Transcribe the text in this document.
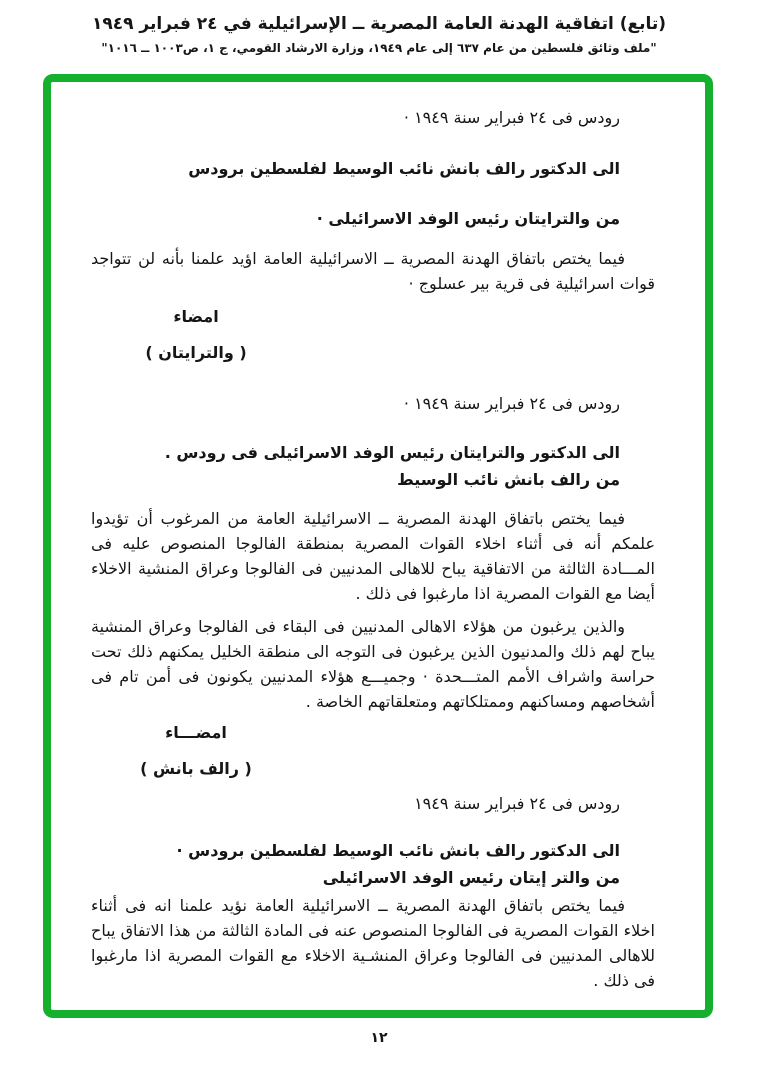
(تابع) اتفاقية الهدنة العامة المصرية ــ الإسرائيلية في ٢٤ فبراير ١٩٤٩
"ملف وثائق فلسطين من عام ٦٣٧ إلى عام ١٩٤٩، وزارة الارشاد القومي، ج ١، ص١٠٠٣ ــ ١٠١٦"

رودس فى ٢٤ فبراير سنة ١٩٤٩ ·

الى الدكتور رالف بانش نائب الوسيط لفلسطين برودس

من والترايتان رئيس الوفد الاسرائيلى ·

فيما يختص باتفاق الهدنة المصرية ــ الاسرائيلية العامة اؤيد علمنا بأنه لن تتواجد قوات اسرائيلية فى قرية بير عسلوج ·

امضاء

( والترايتان )

رودس فى ٢٤ فبراير سنة ١٩٤٩ ·

الى الدكتور والترايتان رئيس الوفد الاسرائيلى فى رودس .

من رالف بانش نائب الوسيط

فيما يختص باتفاق الهدنة المصرية ــ الاسرائيلية العامة من المرغوب أن تؤيدوا علمكم أنه فى أثناء اخلاء القوات المصرية بمنطقة الفالوجا المنصوص عليه فى المـــادة الثالثة من الاتفاقية يباح للاهالى المدنيين فى الفالوجا وعراق المنشية الاخلاء أيضا مع القوات المصرية اذا مارغبوا فى ذلك .

والذين يرغبون من هؤلاء الاهالى المدنيين فى البقاء فى الفالوجا وعراق المنشية يباح لهم ذلك والمدنيون الذين يرغبون فى التوجه الى منطقة الخليل يمكنهم ذلك تحت حراسة واشراف الأمم المتـــحدة · وجميـــع هؤلاء المدنيين يكونون فى أمن تام فى أشخاصهم ومساكنهم وممتلكاتهم ومتعلقاتهم الخاصة .

امضـــاء

( رالف بانش )

رودس فى ٢٤ فبراير سنة ١٩٤٩

الى الدكتور رالف بانش نائب الوسيط لفلسطين برودس ·

من والتر إيتان رئيس الوفد الاسرائيلى

فيما يختص باتفاق الهدنة المصرية ــ الاسرائيلية العامة نؤيد علمنا انه فى أثناء اخلاء القوات المصرية فى الفالوجا المنصوص عنه فى المادة الثالثة من هذا الاتفاق يباح للاهالى المدنيين فى الفالوجا وعراق المنشـية الاخلاء مع القوات المصرية اذا مارغبوا فى ذلك .

١٢
